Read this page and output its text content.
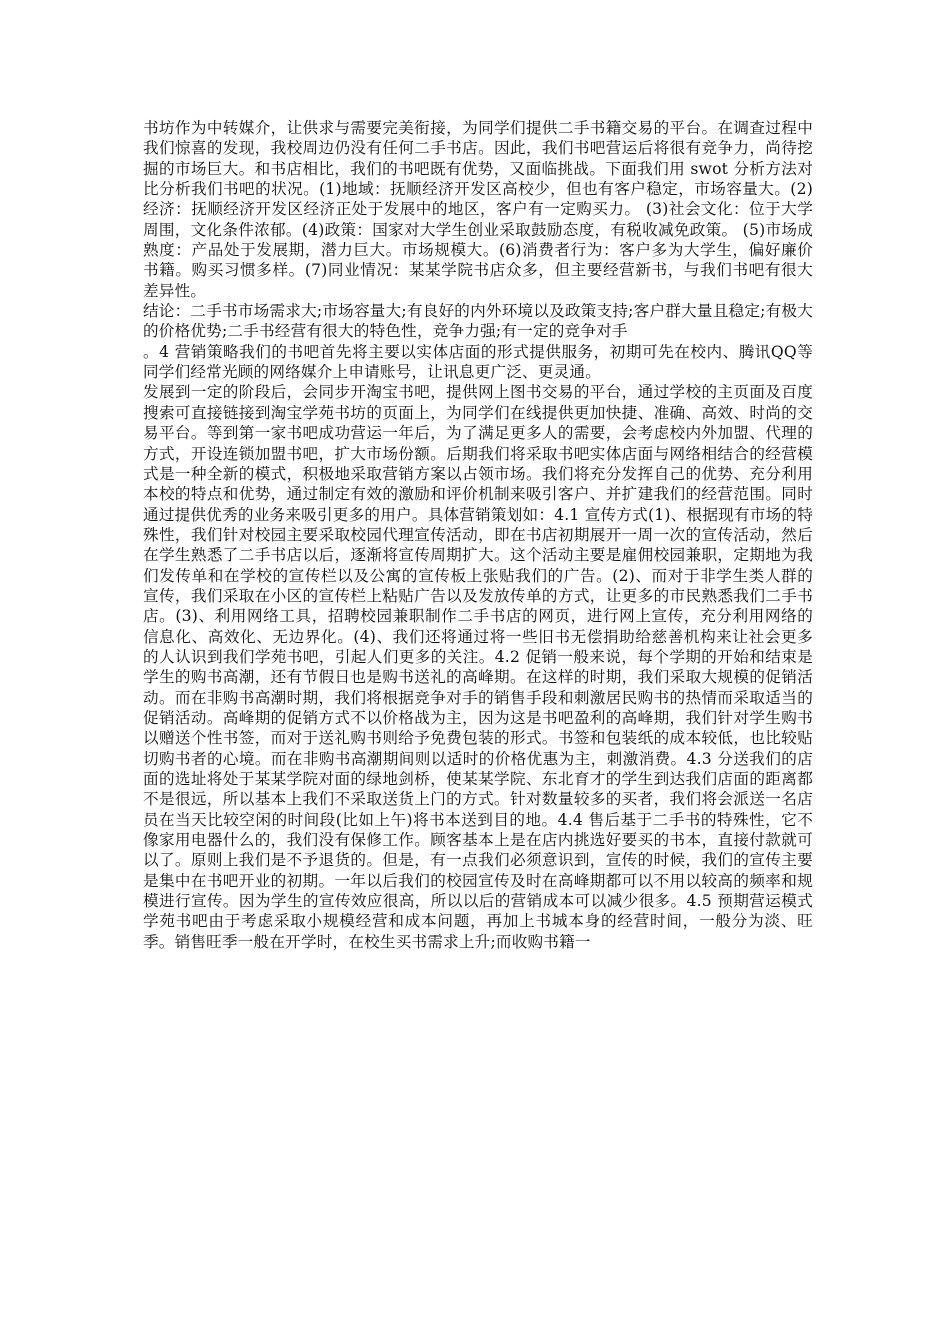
书坊作为中转媒介，让供求与需要完美衔接，为同学们提供二手书籍交易的平台。在调查过程中我们惊喜的发现，我校周边仍没有任何二手书店。因此，我们书吧营运后将很有竞争力，尚待挖掘的市场巨大。和书店相比，我们的书吧既有优势，又面临挑战。下面我们用 swot 分析方法对比分析我们书吧的状况。(1)地域：抚顺经济开发区高校少，但也有客户稳定，市场容量大。(2)经济：抚顺经济开发区经济正处于发展中的地区，客户有一定购买力。 (3)社会文化：位于大学周围，文化条件浓郁。(4)政策：国家对大学生创业采取鼓励态度，有税收减免政策。 (5)市场成熟度：产品处于发展期，潜力巨大。市场规模大。(6)消费者行为：客户多为大学生，偏好廉价书籍。购买习惯多样。(7)同业情况：某某学院书店众多，但主要经营新书，与我们书吧有很大差异性。

结论：二手书市场需求大;市场容量大;有良好的内外环境以及政策支持;客户群大量且稳定;有极大的价格优势;二手书经营有很大的特色性，竞争力强;有一定的竞争对手

。4 营销策略我们的书吧首先将主要以实体店面的形式提供服务，初期可先在校内、腾讯QQ等同学们经常光顾的网络媒介上申请账号，让讯息更广泛、更灵通。

发展到一定的阶段后，会同步开淘宝书吧，提供网上图书交易的平台，通过学校的主页面及百度搜索可直接链接到淘宝学苑书坊的页面上，为同学们在线提供更加快捷、准确、高效、时尚的交易平台。等到第一家书吧成功营运一年后，为了满足更多人的需要，会考虑校内外加盟、代理的方式，开设连锁加盟书吧，扩大市场份额。后期我们将采取书吧实体店面与网络相结合的经营模式是一种全新的模式，积极地采取营销方案以占领市场。我们将充分发挥自己的优势、充分利用本校的特点和优势，通过制定有效的激励和评价机制来吸引客户、并扩建我们的经营范围。同时通过提供优秀的业务来吸引更多的用户。具体营销策划如：4.1 宣传方式(1)、根据现有市场的特殊性，我们针对校园主要采取校园代理宣传活动，即在书店初期展开一周一次的宣传活动，然后在学生熟悉了二手书店以后，逐渐将宣传周期扩大。这个活动主要是雇佣校园兼职，定期地为我们发传单和在学校的宣传栏以及公寓的宣传板上张贴我们的广告。(2)、而对于非学生类人群的宣传，我们采取在小区的宣传栏上粘贴广告以及发放传单的方式，让更多的市民熟悉我们二手书店。(3)、利用网络工具，招聘校园兼职制作二手书店的网页，进行网上宣传，充分利用网络的信息化、高效化、无边界化。(4)、我们还将通过将一些旧书无偿捐助给慈善机构来让社会更多的人认识到我们学苑书吧，引起人们更多的关注。4.2 促销一般来说，每个学期的开始和结束是学生的购书高潮，还有节假日也是购书送礼的高峰期。在这样的时期，我们采取大规模的促销活动。而在非购书高潮时期，我们将根据竞争对手的销售手段和刺激居民购书的热情而采取适当的促销活动。高峰期的促销方式不以价格战为主，因为这是书吧盈利的高峰期，我们针对学生购书以赠送个性书签，而对于送礼购书则给予免费包装的形式。书签和包装纸的成本较低，也比较贴切购书者的心境。而在非购书高潮期间则以适时的价格优惠为主，刺激消费。4.3 分送我们的店面的选址将处于某某学院对面的绿地剑桥，使某某学院、东北育才的学生到达我们店面的距离都不是很远，所以基本上我们不采取送货上门的方式。针对数量较多的买者，我们将会派送一名店员在当天比较空闲的时间段(比如上午)将书本送到目的地。4.4 售后基于二手书的特殊性，它不像家用电器什么的，我们没有保修工作。顾客基本上是在店内挑选好要买的书本，直接付款就可以了。原则上我们是不予退货的。但是，有一点我们必须意识到，宣传的时候，我们的宣传主要是集中在书吧开业的初期。一年以后我们的校园宣传及时在高峰期都可以不用以较高的频率和规模进行宣传。因为学生的宣传效应很高，所以以后的营销成本可以减少很多。4.5 预期营运模式学苑书吧由于考虑采取小规模经营和成本问题，再加上书城本身的经营时间，一般分为淡、旺季。销售旺季一般在开学时，在校生买书需求上升;而收购书籍一
